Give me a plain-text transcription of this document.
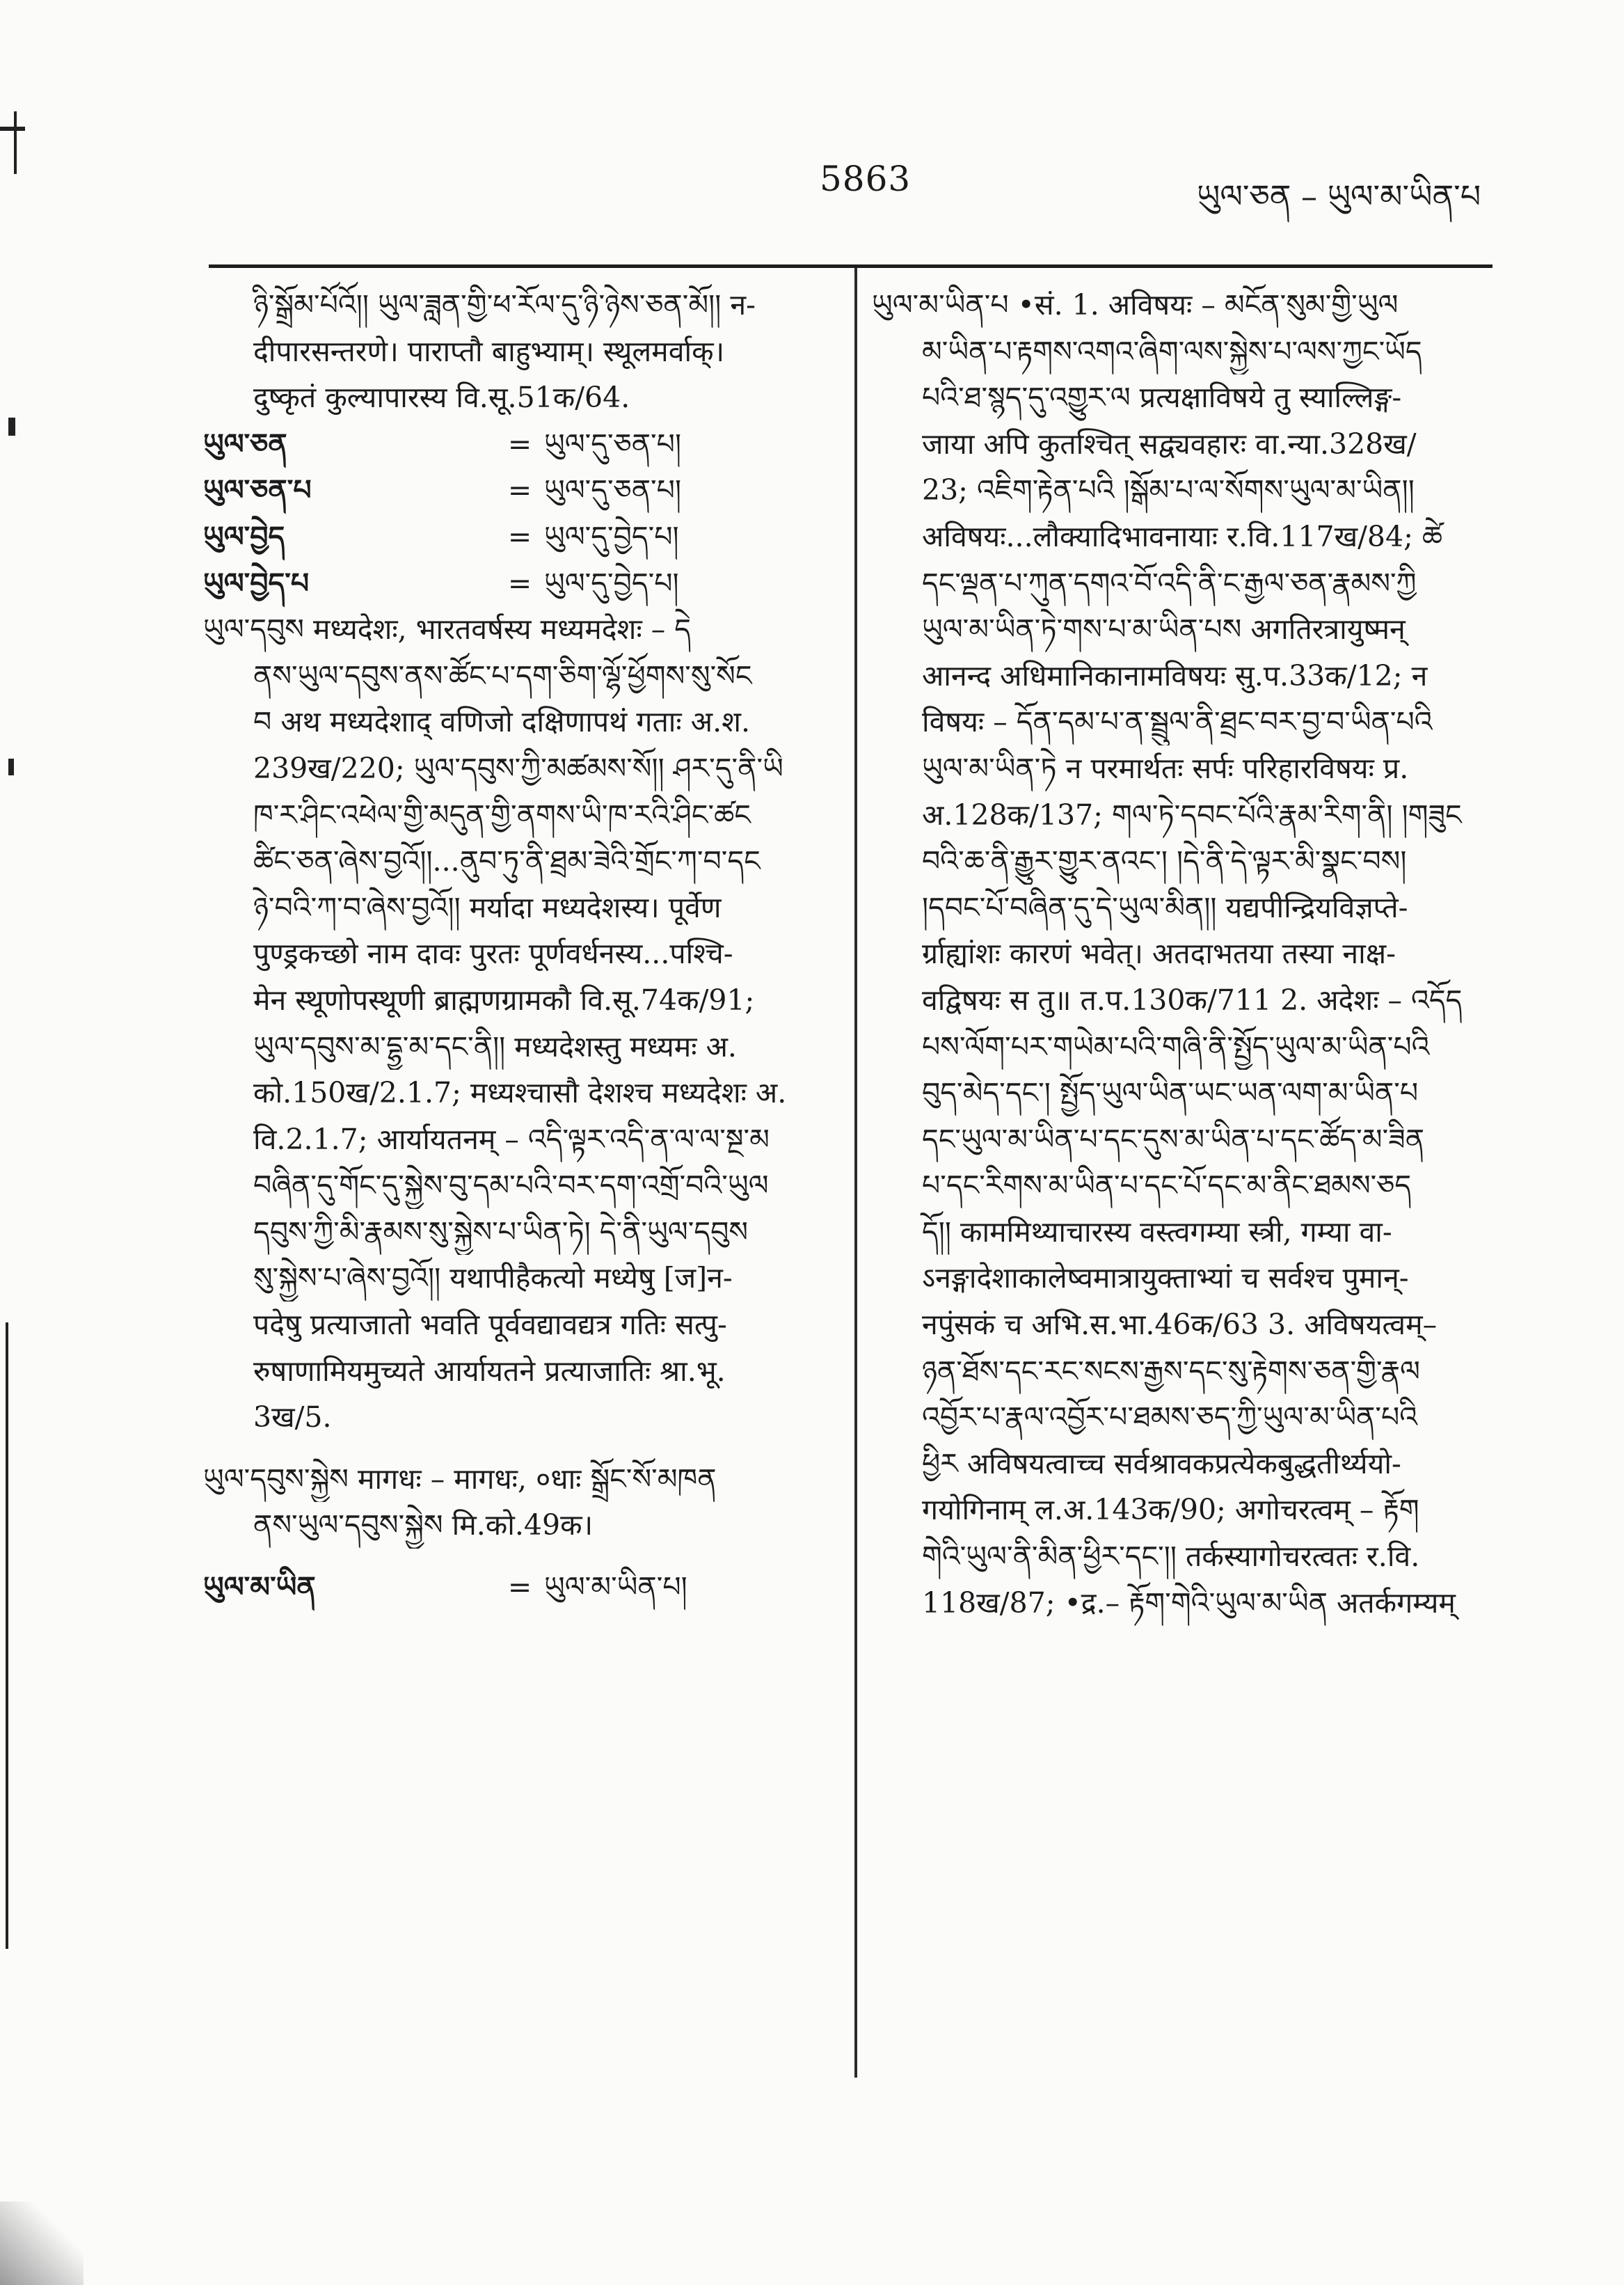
5863	ཡུལ་ཅན – ཡུལ་མ་ཡིན་པ
ཉི་སྒྲོམ་པོའོ།། ཡུལ་ཟླན་གྱི་ཕ་རོལ་དུ་ཉི་ཉེས་ཅན་མོ།། न-
दीपारसन्तरणे। पाराप्तौ बाहुभ्याम्। स्थूलमर्वाक्।
दुष्कृतं कुल्यापारस्य वि.सू.51क/64.
ཡུལ་ཅན	= ཡུལ་དུ་ཅན་པ།
ཡུལ་ཅན་པ	= ཡུལ་དུ་ཅན་པ།
ཡུལ་བྱེད	= ཡུལ་དུ་བྱེད་པ།
ཡུལ་བྱེད་པ	= ཡུལ་དུ་བྱེད་པ།
ཡུལ་དབུས मध्यदेशः, भारतवर्षस्य मध्यमदेशः – དེ
ནས་ཡུལ་དབུས་ནས་ཚོང་པ་དག་ཅིག་ལྷོ་ཕྱོགས་སུ་སོང
བ अथ मध्यदेशाद् वणिजो दक्षिणापथं गताः अ.श.
239ख/220; ཡུལ་དབུས་ཀྱི་མཚམས་སོ།། ཤར་དུ་ནི་ཡི
ཁ་ར་ཤིང་འཕེལ་གྱི་མདུན་གྱི་ནགས་ཡི་ཁ་རའི་ཤིང་ཚང
ཚིང་ཅན་ཞེས་བྱའོ།།...ནུབ་ཏུ་ནི་ཐྲམ་ཟེའི་གྲོང་ཀ་བ་དང
ཉེ་བའི་ཀ་བ་ཞེས་བྱའོ།། मर्यादा मध्यदेशस्य। पूर्वेण
पुण्ड्रकच्छो नाम दावः पुरतः पूर्णवर्धनस्य...पश्चि-
मेन स्थूणोपस्थूणी ब्राह्मणग्रामकौ वि.सू.74क/91;
ཡུལ་དབུས་མ་དྷྱ་མ་དང་ནི།། मध्यदेशस्तु मध्यमः अ.
को.150ख/2.1.7; मध्यश्चासौ देशश्च मध्यदेशः अ.
वि.2.1.7; आर्यायतनम् – འདི་ལྟར་འདི་ན་ལ་ལ་སྔ་མ
བཞིན་དུ་གོང་དུ་སྐྱེས་བུ་དམ་པའི་བར་དག་འགྲོ་བའི་ཡུལ
དབུས་ཀྱི་མི་རྣམས་སུ་སྐྱེས་པ་ཡིན་ཏེ། དེ་ནི་ཡུལ་དབུས
སུ་སྐྱེས་པ་ཞེས་བྱའོ།། यथापीहैकत्यो मध्येषु [ज]न-
पदेषु प्रत्याजातो भवति पूर्ववद्यावद्यत्र गतिः सत्पु-
रुषाणामियमुच्यते आर्यायतने प्रत्याजातिः श्रा.भू.
3ख/5.
ཡུལ་དབུས་སྐྱེས मागधः – मागधः, ०धाः སྒྲོང་སོ་མཁན
ནས་ཡུལ་དབུས་སྐྱེས मि.को.49क।
ཡུལ་མ་ཡིན	= ཡུལ་མ་ཡིན་པ།
ཡུལ་མ་ཡིན་པ •सं. 1. अविषयः – མངོན་སུམ་གྱི་ཡུལ
མ་ཡིན་པ་རྟགས་འགའ་ཞིག་ལས་སྐྱེས་པ་ལས་ཀྱང་ཡོད
པའི་ཐ་སྙད་དུ་འགྱུར་ལ प्रत्यक्षाविषये तु स्याल्लिङ्ग-
जाया अपि कुतश्चित् सद्व्यवहारः वा.न्या.328ख/
23; འཇིག་རྟེན་པའི །སྒོམ་པ་ལ་སོགས་ཡུལ་མ་ཡིན།།
अविषयः...लौक्यादिभावनायाः र.वि.117ख/84; ཚེ
དང་ལྡན་པ་ཀུན་དགའ་བོ་འདི་ནི་ང་རྒྱལ་ཅན་རྣམས་ཀྱི
ཡུལ་མ་ཡིན་ཏེ་གས་པ་མ་ཡིན་པས अगतिरत्रायुष्मन्
आनन्द अधिमानिकानामविषयः सु.प.33क/12; न
विषयः – དོན་དམ་པ་ན་སྦྲུལ་ནི་ཐྲང་བར་བྱ་བ་ཡིན་པའི
ཡུལ་མ་ཡིན་ཏེ न परमार्थतः सर्पः परिहारविषयः प्र.
अ.128क/137; གལ་ཏེ་དབང་པོའི་རྣམ་རིག་ནི། །གཟུང
བའི་ཆ་ནི་རྒྱུར་གྱུར་ནའང་། །དེ་ནི་དེ་ལྟར་མི་སྣང་བས།
།དབང་པོ་བཞིན་དུ་དེ་ཡུལ་མིན།། यद्यपीन्द्रियविज्ञप्ते-
र्ग्राह्यांशः कारणं भवेत्। अतदाभतया तस्या नाक्ष-
वद्विषयः स तु॥ त.प.130क/711 2. अदेशः – འདོད
པས་ལོག་པར་གཡེམ་པའི་གཞི་ནི་སྤྱོད་ཡུལ་མ་ཡིན་པའི
བུད་མེད་དང་། སྤྱོད་ཡུལ་ཡིན་ཡང་ཡན་ལག་མ་ཡིན་པ
དང་ཡུལ་མ་ཡིན་པ་དང་དུས་མ་ཡིན་པ་དང་ཚོད་མ་ཟིན
པ་དང་རིགས་མ་ཡིན་པ་དང་པོ་དང་མ་ནིང་ཐམས་ཅད
དོ།། काममिथ्याचारस्य वस्त्वगम्या स्त्री, गम्या वा-
ऽनङ्गादेशाकालेष्वमात्रायुक्ताभ्यां च सर्वश्च पुमान्-
नपुंसकं च अभि.स.भा.46क/63 3. अविषयत्वम्–
ཉན་ཐོས་དང་རང་སངས་རྒྱས་དང་སུ་རྟེགས་ཅན་གྱི་རྣལ
འབྱོར་པ་རྣལ་འབྱོར་པ་ཐམས་ཅད་ཀྱི་ཡུལ་མ་ཡིན་པའི
ཕྱིར अविषयत्वाच्च सर्वश्रावकप्रत्येकबुद्धतीर्थ्ययो-
गयोगिनाम् ल.अ.143क/90; अगोचरत्वम् – རྟོག
གེའི་ཡུལ་ནི་མིན་ཕྱིར་དང་།། तर्कस्यागोचरत्वतः र.वि.
118ख/87; •द्र.– རྟོག་གེའི་ཡུལ་མ་ཡིན अतर्कगम्यम्
